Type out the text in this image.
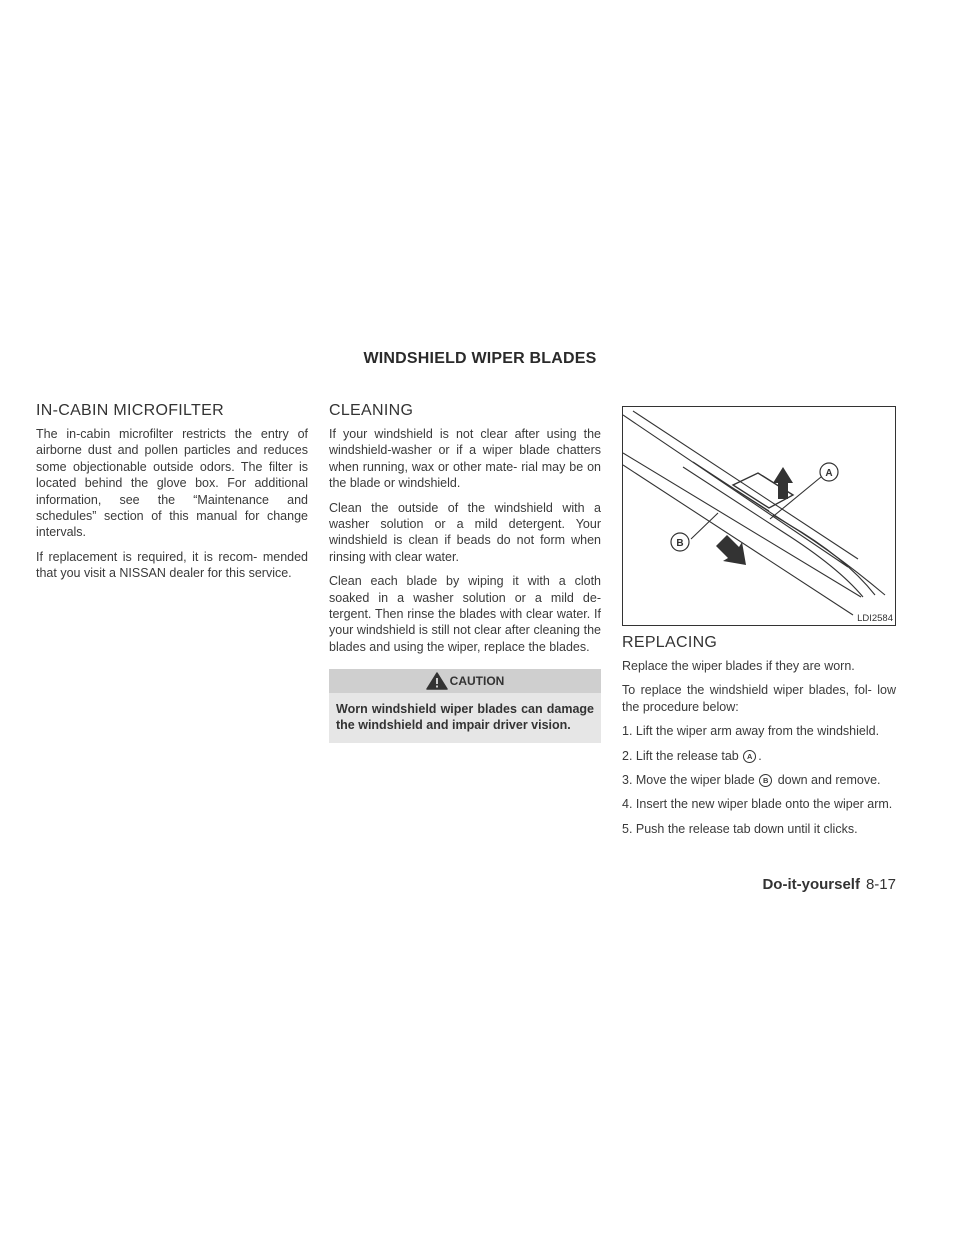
WINDSHIELD WIPER BLADES
IN-CABIN MICROFILTER

The in-cabin microfilter restricts the entry of airborne dust and pollen particles and reduces some objectionable outside odors. The filter is located behind the glove box. For additional information, see the “Maintenance and schedules” section of this manual for change intervals.

If replacement is required, it is recom- mended that you visit a NISSAN dealer for this service.

CLEANING

If your windshield is not clear after using the windshield-washer or if a wiper blade chatters when running, wax or other mate- rial may be on the blade or windshield.

Clean the outside of the windshield with a washer solution or a mild detergent. Your windshield is clean if beads do not form when rinsing with clear water.

Clean each blade by wiping it with a cloth soaked in a washer solution or a mild de- tergent. Then rinse the blades with clear water. If your windshield is still not clear after cleaning the blades and using the wiper, replace the blades.

CAUTION
Worn windshield wiper blades can damage the windshield and impair driver vision.
A
B
LDI2584
REPLACING

Replace the wiper blades if they are worn.

To replace the windshield wiper blades, fol- low the procedure below:

1. Lift the wiper arm away from the windshield.
2. Lift the release tab A .
3. Move the wiper blade B down and remove.
4. Insert the new wiper blade onto the wiper arm.
5. Push the release tab down until it clicks.
Do-it-yourself 8-17
